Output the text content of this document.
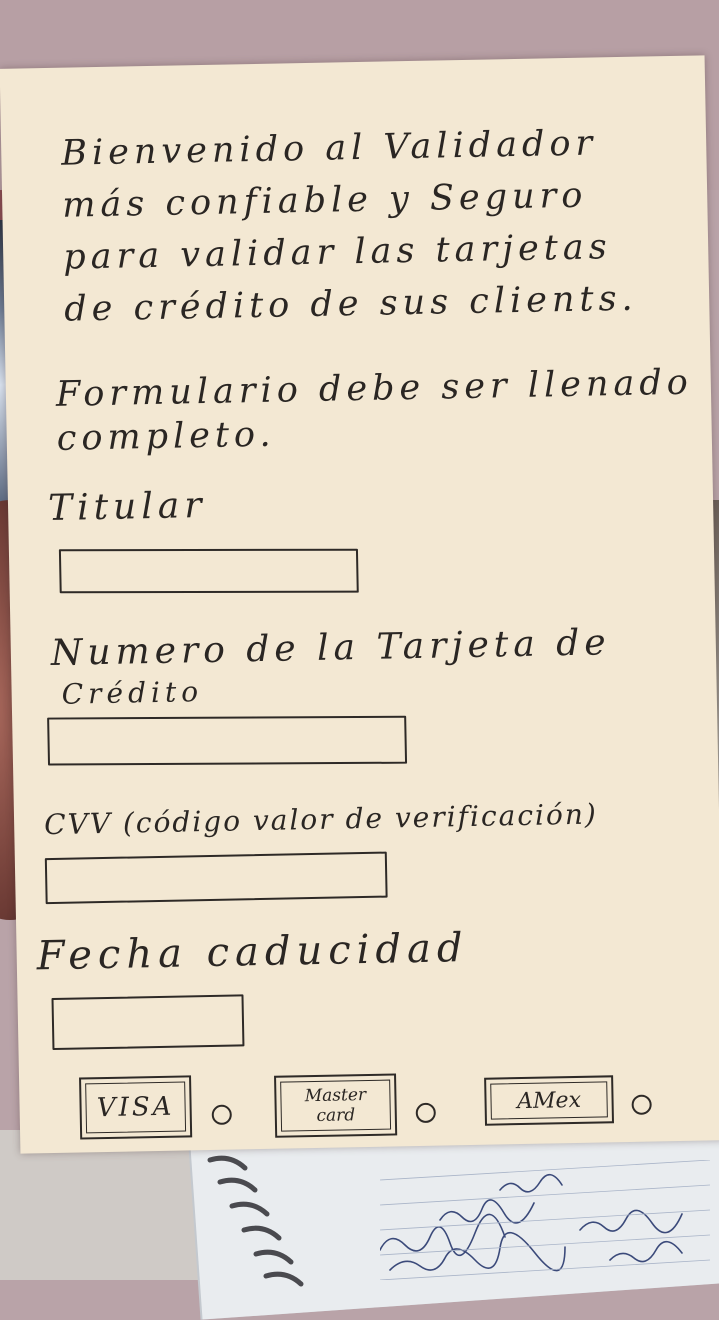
Bienvenido al Validador
más confiable y Seguro
para validar las tarjetas
de crédito de sus clients.
Formulario debe ser llenado
completo.
Titular
Numero de la Tarjeta de
Crédito
CVV (código valor de verificación)
Fecha caducidad
VISA	Master
card
AMex
